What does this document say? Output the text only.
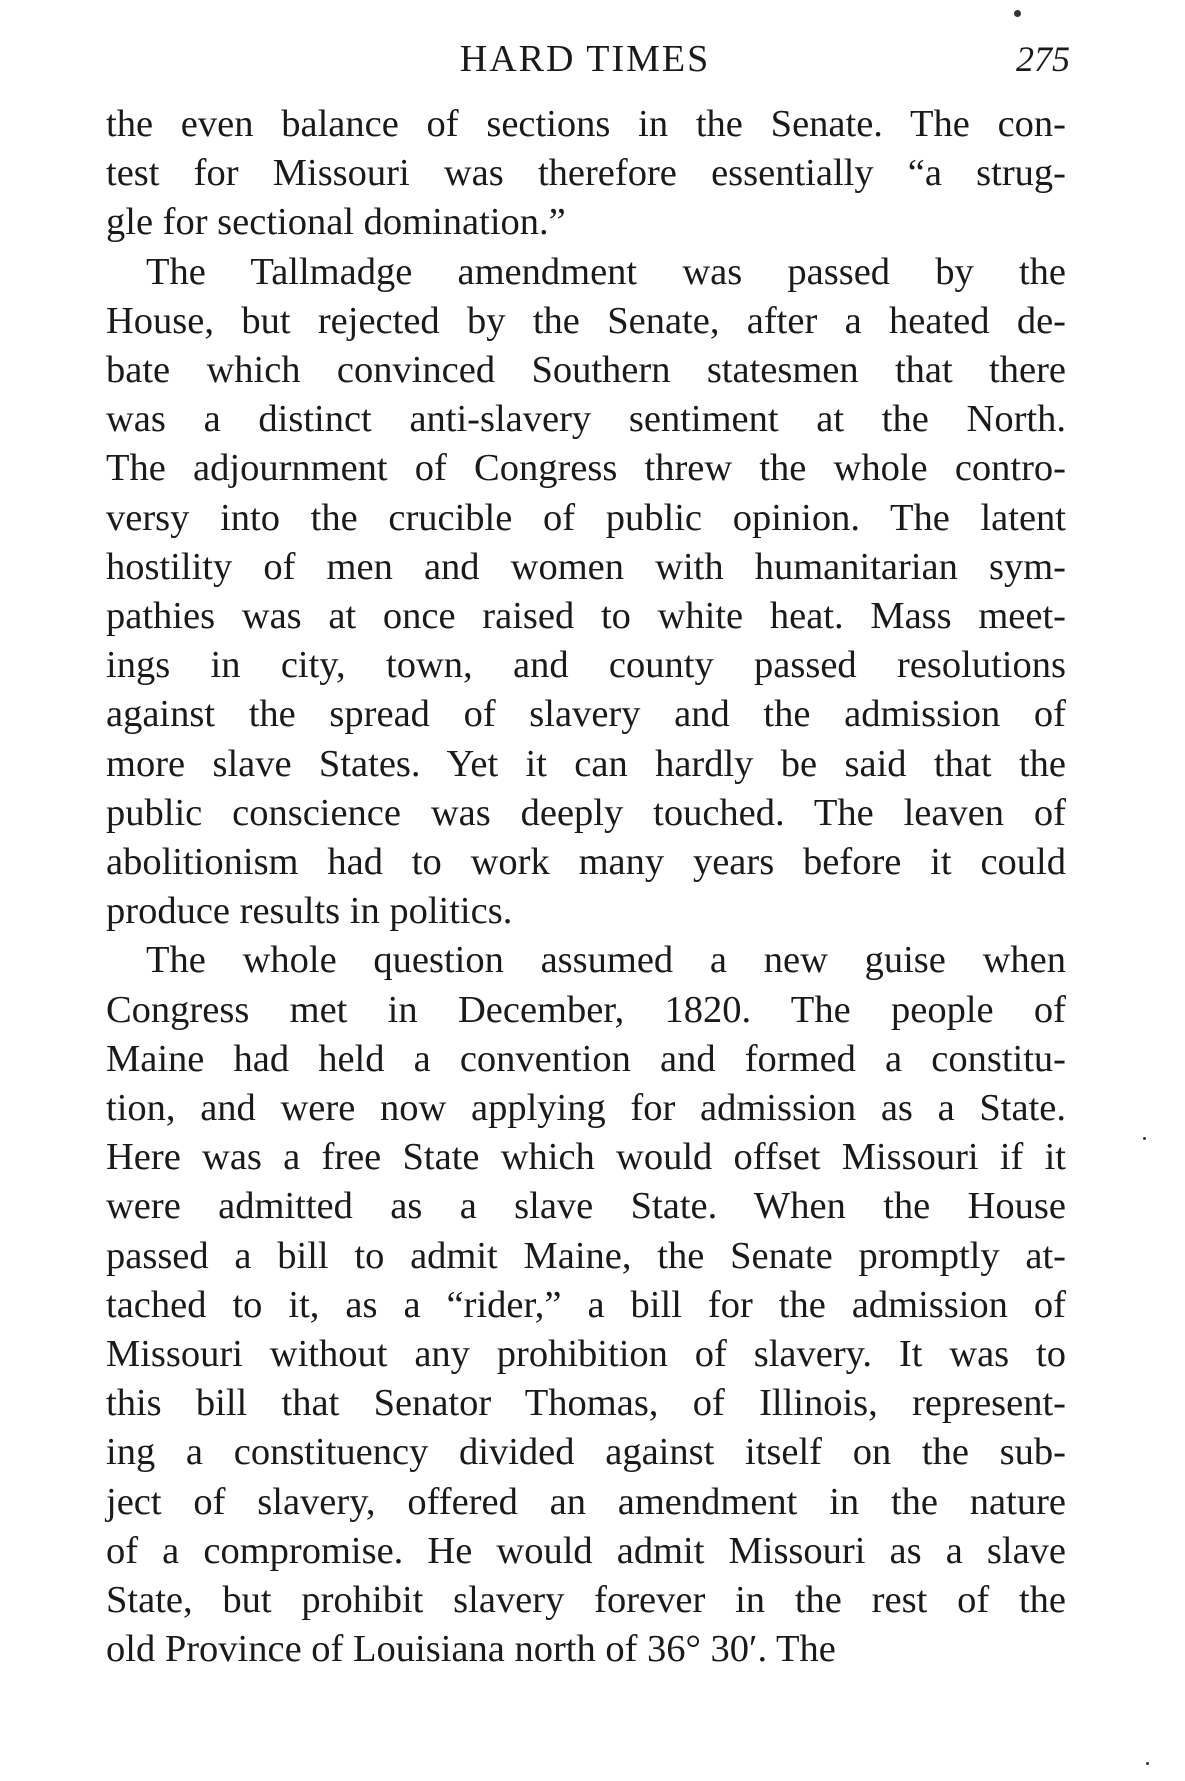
HARD TIMES	275
the even balance of sections in the Senate. The con-
test for Missouri was therefore essentially “a strug-
gle for sectional domination.”
The Tallmadge amendment was passed by the
House, but rejected by the Senate, after a heated de-
bate which convinced Southern statesmen that there
was a distinct anti-slavery sentiment at the North.
The adjournment of Congress threw the whole contro-
versy into the crucible of public opinion. The latent
hostility of men and women with humanitarian sym-
pathies was at once raised to white heat. Mass meet-
ings in city, town, and county passed resolutions
against the spread of slavery and the admission of
more slave States. Yet it can hardly be said that the
public conscience was deeply touched. The leaven of
abolitionism had to work many years before it could
produce results in politics.
The whole question assumed a new guise when
Congress met in December, 1820. The people of
Maine had held a convention and formed a constitu-
tion, and were now applying for admission as a State.
Here was a free State which would offset Missouri if it
were admitted as a slave State. When the House
passed a bill to admit Maine, the Senate promptly at-
tached to it, as a “rider,” a bill for the admission of
Missouri without any prohibition of slavery. It was to
this bill that Senator Thomas, of Illinois, represent-
ing a constituency divided against itself on the sub-
ject of slavery, offered an amendment in the nature
of a compromise. He would admit Missouri as a slave
State, but prohibit slavery forever in the rest of the
old Province of Louisiana north of 36° 30′. The
